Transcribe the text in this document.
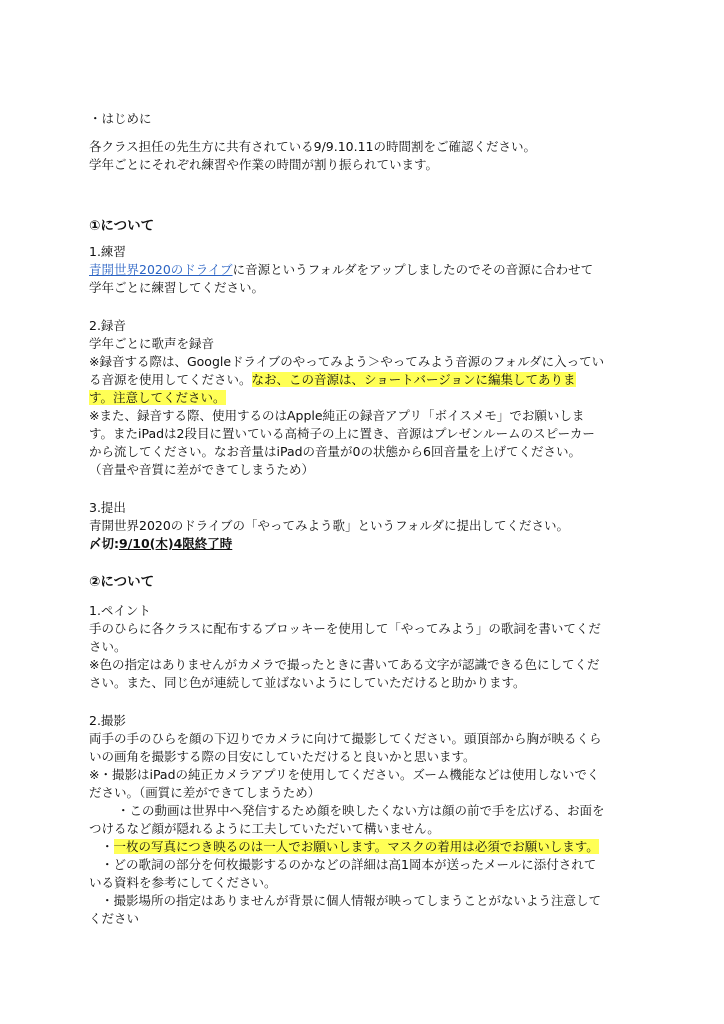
・はじめに
各クラス担任の先生方に共有されている9/9.10.11の時間割をご確認ください。
学年ごとにそれぞれ練習や作業の時間が割り振られています。
①について
1.練習
青開世界2020のドライブに音源というフォルダをアップしましたのでその音源に合わせて
学年ごとに練習してください。
2.録音
学年ごとに歌声を録音
※録音する際は、Googleドライブのやってみよう＞やってみよう音源のフォルダに入ってい
る音源を使用してください。なお、この音源は、ショートバージョンに編集してありま
す。注意してください。
※また、録音する際、使用するのはApple純正の録音アプリ「ボイスメモ」でお願いしま
す。またiPadは2段目に置いている高椅子の上に置き、音源はプレゼンルームのスピーカー
から流してください。なお音量はiPadの音量が0の状態から6回音量を上げてください。
（音量や音質に差ができてしまうため）
3.提出
青開世界2020のドライブの「やってみよう歌」というフォルダに提出してください。
〆切:9/10(木)4限終了時
②について
1.ペイント
手のひらに各クラスに配布するブロッキーを使用して「やってみよう」の歌詞を書いてくだ
さい。
※色の指定はありませんがカメラで撮ったときに書いてある文字が認識できる色にしてくだ
さい。また、同じ色が連続して並ばないようにしていただけると助かります。
2.撮影
両手の手のひらを顔の下辺りでカメラに向けて撮影してください。頭頂部から胸が映るくら
いの画角を撮影する際の目安にしていただけると良いかと思います。
※・撮影はiPadの純正カメラアプリを使用してください。ズーム機能などは使用しないでく
ださい。（画質に差ができてしまうため）
・この動画は世界中へ発信するため顔を映したくない方は顔の前で手を広げる、お面を
つけるなど顔が隠れるように工夫していただいて構いません。
・一枚の写真につき映るのは一人でお願いします。マスクの着用は必須でお願いします。
・どの歌詞の部分を何枚撮影するのかなどの詳細は高1岡本が送ったメールに添付されて
いる資料を参考にしてください。
・撮影場所の指定はありませんが背景に個人情報が映ってしまうことがないよう注意して
ください
